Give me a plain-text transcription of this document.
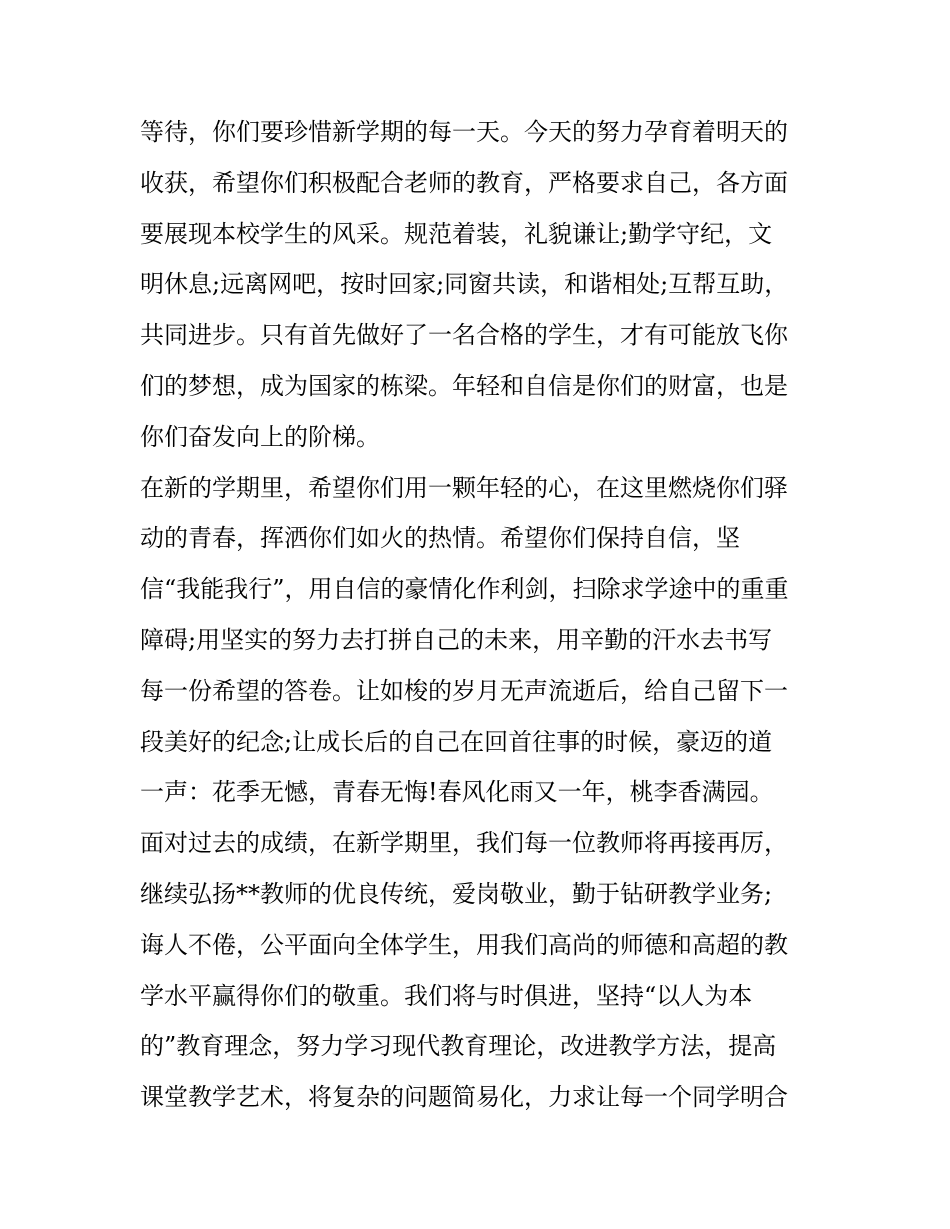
等待，你们要珍惜新学期的每一天。今天的努力孕育着明天的
收获，希望你们积极配合老师的教育，严格要求自己，各方面
要展现本校学生的风采。规范着装，礼貌谦让;勤学守纪，文
明休息;远离网吧，按时回家;同窗共读，和谐相处;互帮互助，
共同进步。只有首先做好了一名合格的学生，才有可能放飞你
们的梦想，成为国家的栋梁。年轻和自信是你们的财富，也是
你们奋发向上的阶梯。
在新的学期里，希望你们用一颗年轻的心，在这里燃烧你们驿
动的青春，挥洒你们如火的热情。希望你们保持自信，坚
信“我能我行”，用自信的豪情化作利剑，扫除求学途中的重重
障碍;用坚实的努力去打拼自己的未来，用辛勤的汗水去书写
每一份希望的答卷。让如梭的岁月无声流逝后，给自己留下一
段美好的纪念;让成长后的自己在回首往事的时候，豪迈的道
一声：花季无憾，青春无悔!春风化雨又一年，桃李香满园。
面对过去的成绩，在新学期里，我们每一位教师将再接再厉，
继续弘扬**教师的优良传统，爱岗敬业，勤于钻研教学业务;
诲人不倦，公平面向全体学生，用我们高尚的师德和高超的教
学水平赢得你们的敬重。我们将与时俱进，坚持“以人为本
的”教育理念，努力学习现代教育理论，改进教学方法，提高
课堂教学艺术，将复杂的问题简易化，力求让每一个同学明合
